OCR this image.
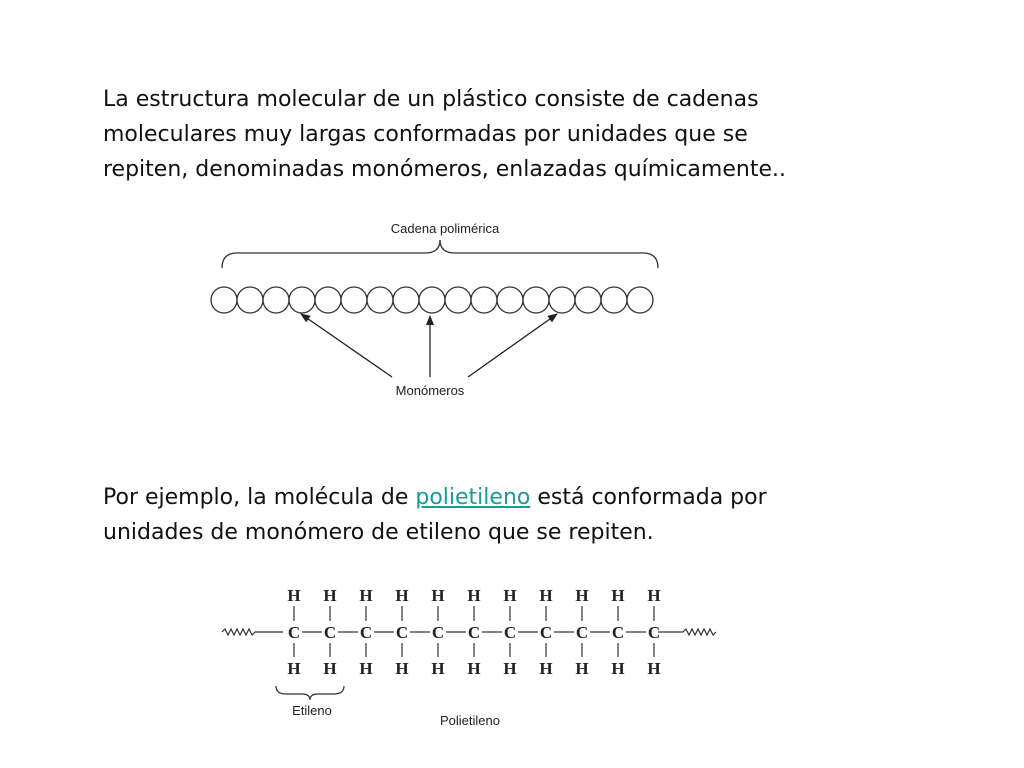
La estructura molecular de un plástico consiste de cadenas
moleculares muy largas conformadas por unidades que se
repiten, denominadas monómeros, enlazadas químicamente..
Cadena polimérica
Monómeros
Por ejemplo, la molécula de polietileno está conformada por
unidades de monómero de etileno que se repiten.
H
C
H
H
C
H
H
C
H
H
C
H
H
C
H
H
C
H
H
C
H
H
C
H
H
C
H
H
C
H
H
C
H
Etileno
Polietileno
